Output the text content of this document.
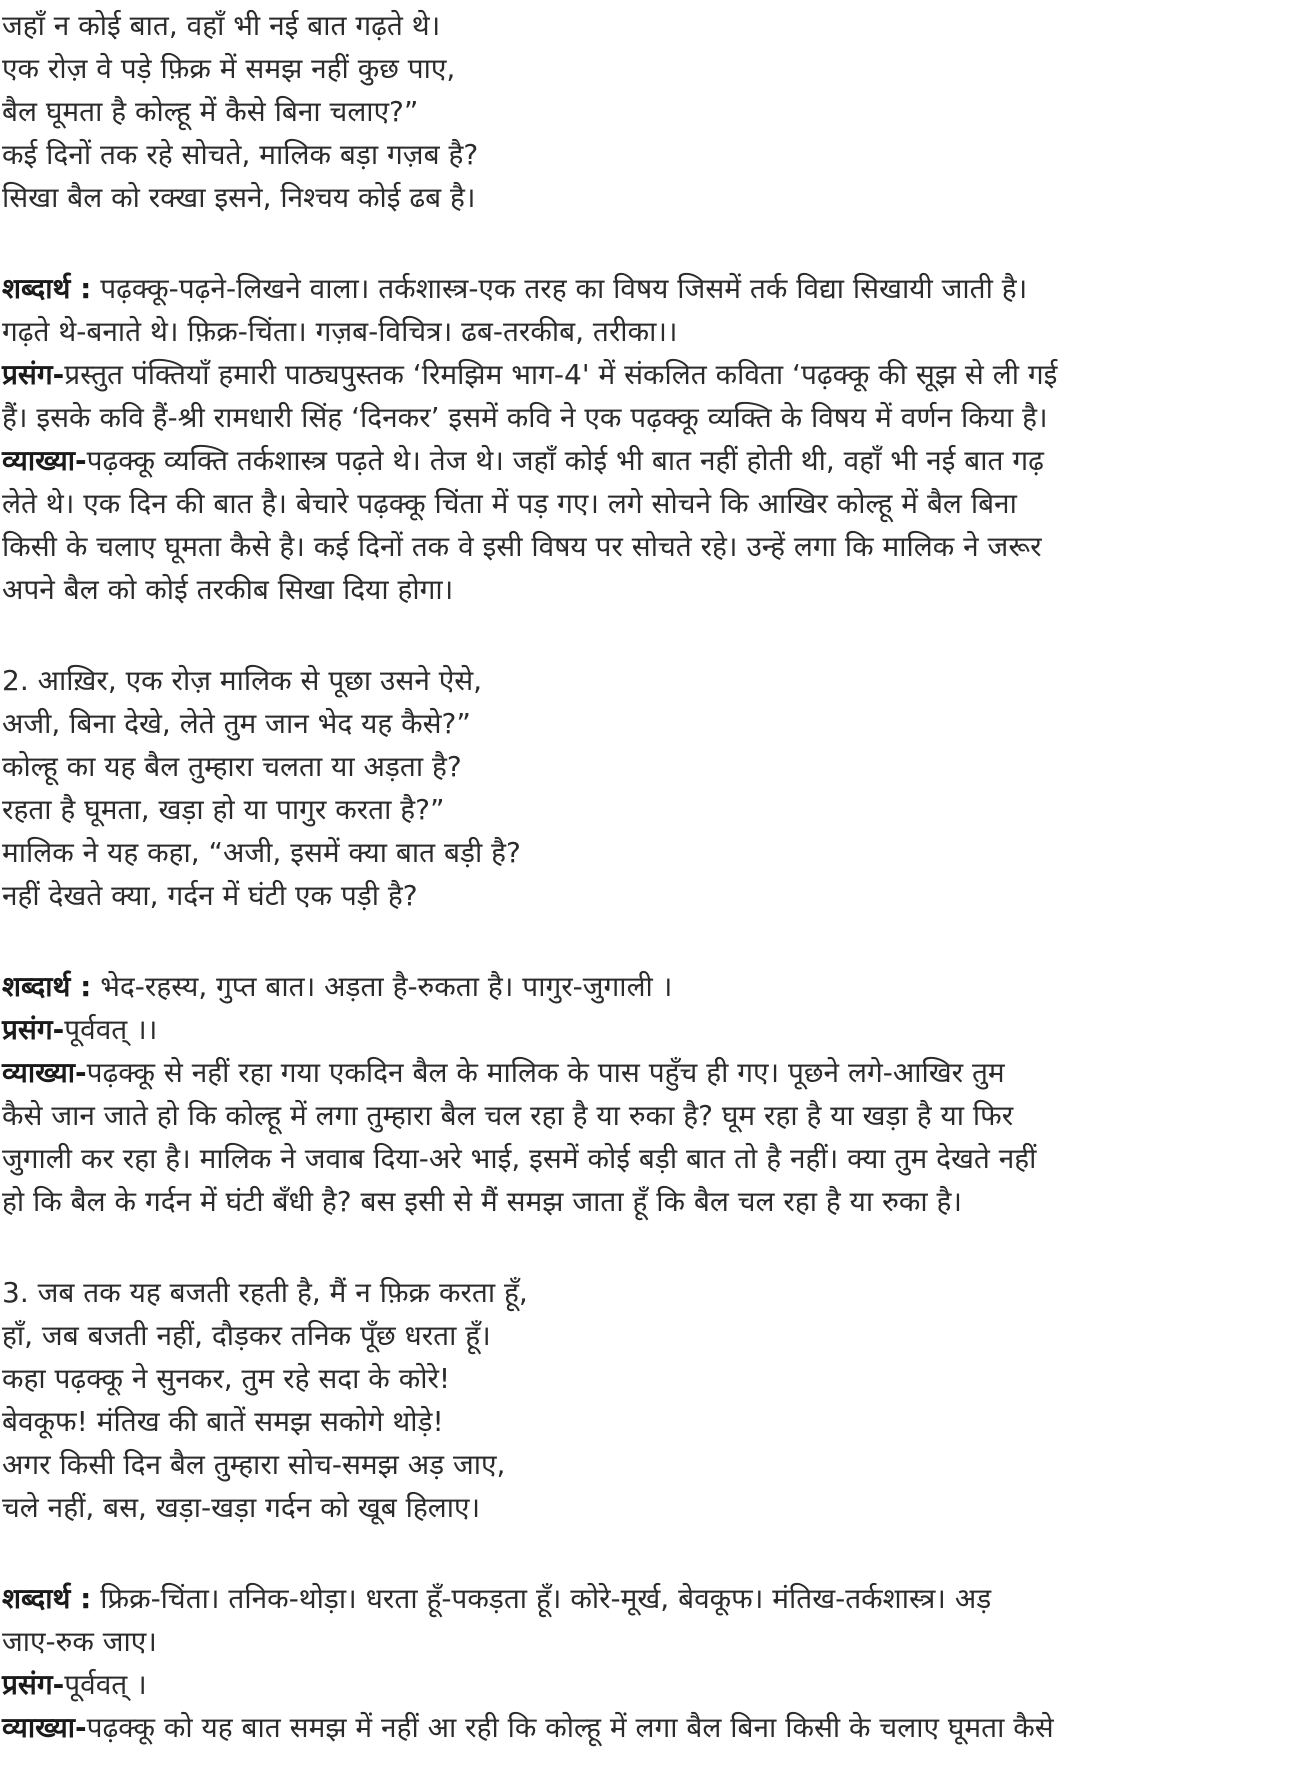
जहाँ न कोई बात, वहाँ भी नई बात गढ़ते थे।
एक रोज़ वे पड़े फ़िक्र में समझ नहीं कुछ पाए,
बैल घूमता है कोल्हू में कैसे बिना चलाए?”
कई दिनों तक रहे सोचते, मालिक बड़ा गज़ब है?
सिखा बैल को रक्खा इसने, निश्चय कोई ढब है।
शब्दार्थ : पढ़क्कू-पढ़ने-लिखने वाला। तर्कशास्त्र-एक तरह का विषय जिसमें तर्क विद्या सिखायी जाती है।
गढ़ते थे-बनाते थे। फ़िक्र-चिंता। गज़ब-विचित्र। ढब-तरकीब, तरीका।।
प्रसंग-प्रस्तुत पंक्तियाँ हमारी पाठ्यपुस्तक ‘रिमझिम भाग-4' में संकलित कविता ‘पढ़क्कू की सूझ से ली गई
हैं। इसके कवि हैं-श्री रामधारी सिंह ‘दिनकर’ इसमें कवि ने एक पढ़क्कू व्यक्ति के विषय में वर्णन किया है।
व्याख्या-पढ़क्कू व्यक्ति तर्कशास्त्र पढ़ते थे। तेज थे। जहाँ कोई भी बात नहीं होती थी, वहाँ भी नई बात गढ़
लेते थे। एक दिन की बात है। बेचारे पढ़क्कू चिंता में पड़ गए। लगे सोचने कि आखिर कोल्हू में बैल बिना
किसी के चलाए घूमता कैसे है। कई दिनों तक वे इसी विषय पर सोचते रहे। उन्हें लगा कि मालिक ने जरूर
अपने बैल को कोई तरकीब सिखा दिया होगा।
2. आख़िर, एक रोज़ मालिक से पूछा उसने ऐसे,
अजी, बिना देखे, लेते तुम जान भेद यह कैसे?”
कोल्हू का यह बैल तुम्हारा चलता या अड़ता है?
रहता है घूमता, खड़ा हो या पागुर करता है?”
मालिक ने यह कहा, “अजी, इसमें क्या बात बड़ी है?
नहीं देखते क्या, गर्दन में घंटी एक पड़ी है?
शब्दार्थ : भेद-रहस्य, गुप्त बात। अड़ता है-रुकता है। पागुर-जुगाली ।
प्रसंग-पूर्ववत् ।।
व्याख्या-पढ़क्कू से नहीं रहा गया एकदिन बैल के मालिक के पास पहुँच ही गए। पूछने लगे-आखिर तुम
कैसे जान जाते हो कि कोल्हू में लगा तुम्हारा बैल चल रहा है या रुका है? घूम रहा है या खड़ा है या फिर
जुगाली कर रहा है। मालिक ने जवाब दिया-अरे भाई, इसमें कोई बड़ी बात तो है नहीं। क्या तुम देखते नहीं
हो कि बैल के गर्दन में घंटी बँधी है? बस इसी से मैं समझ जाता हूँ कि बैल चल रहा है या रुका है।
3. जब तक यह बजती रहती है, मैं न फ़िक्र करता हूँ,
हाँ, जब बजती नहीं, दौड़कर तनिक पूँछ धरता हूँ।
कहा पढ़क्कू ने सुनकर, तुम रहे सदा के कोरे!
बेवकूफ! मंतिख की बातें समझ सकोगे थोड़े!
अगर किसी दिन बैल तुम्हारा सोच-समझ अड़ जाए,
चले नहीं, बस, खड़ा-खड़ा गर्दन को खूब हिलाए।
शब्दार्थ : फ्रिक्र-चिंता। तनिक-थोड़ा। धरता हूँ-पकड़ता हूँ। कोरे-मूर्ख, बेवकूफ। मंतिख-तर्कशास्त्र। अड़
जाए-रुक जाए।
प्रसंग-पूर्ववत् ।
व्याख्या-पढ़क्कू को यह बात समझ में नहीं आ रही कि कोल्हू में लगा बैल बिना किसी के चलाए घूमता कैसे
